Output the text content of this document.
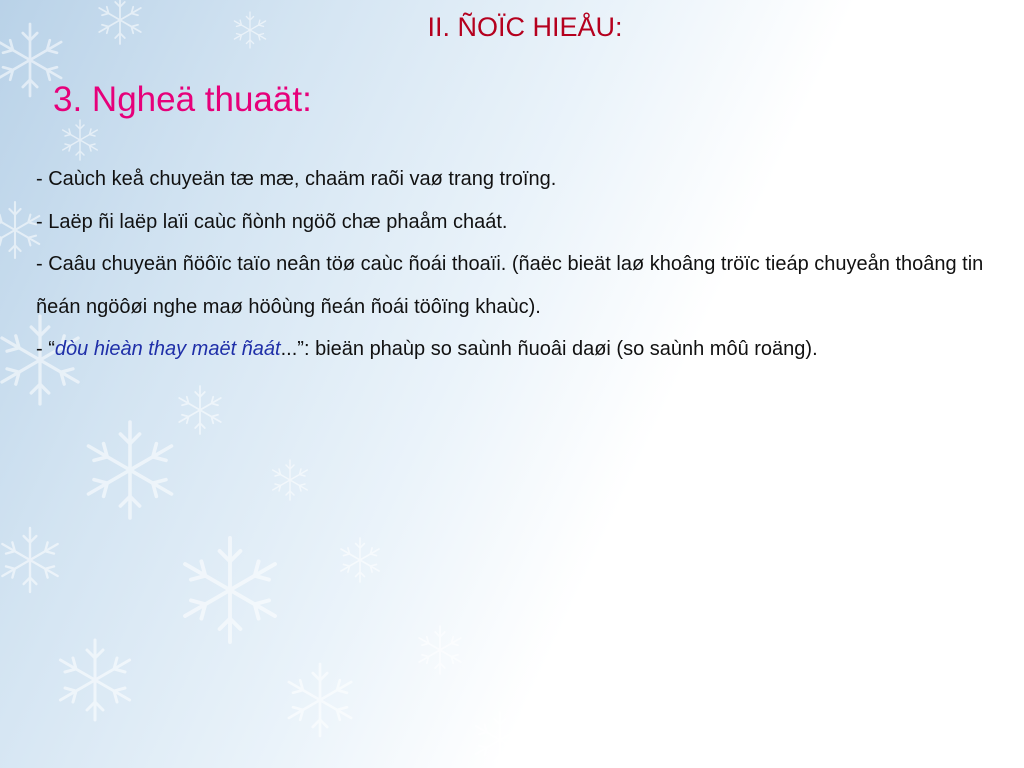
II. ÑOÏC HIEÅU:
3. Ngheä thuaät:

- Caùch keå chuyeän tæ mæ, chaäm raõi vaø trang troïng.

- Laëp ñi laëp laïi caùc ñònh ngöõ chæ phaåm chaát.

- Caâu chuyeän ñöôïc taïo neân töø caùc ñoái thoaïi. (ñaëc bieät laø khoâng tröïc tieáp chuyeån thoâng tin ñeán ngöôøi nghe maø höôùng ñeán ñoái töôïng khaùc).

- “dòu hieàn thay maët ñaát...”: bieän phaùp so saùnh ñuoâi daøi (so saùnh môû roäng).
